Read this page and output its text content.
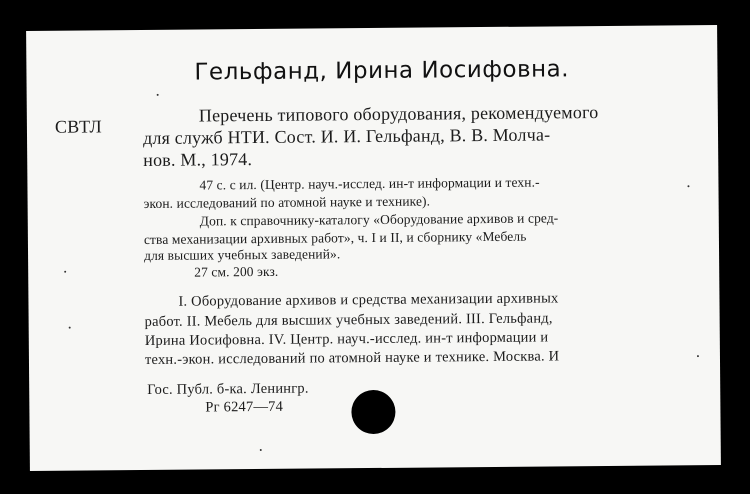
Гельфанд, Ирина Иосифовна.
СВТЛ
Перечень типового оборудования, рекомендуемого
для служб НТИ. Сост. И. И. Гельфанд, В. В. Молча-
нов. М., 1974.
47 с. с ил. (Центр. науч.-исслед. ин-т информации и техн.-
экон. исследований по атомной науке и технике).
Доп. к справочнику-каталогу «Оборудование архивов и сред-
ства механизации архивных работ», ч. I и II, и сборнику «Мебель
для высших учебных заведений».
27 см. 200 экз.
I. Оборудование архивов и средства механизации архивных
работ. II. Мебель для высших учебных заведений. III. Гельфанд,
Ирина Иосифовна. IV. Центр. науч.-исслед. ин-т информации и
техн.-экон. исследований по атомной науке и технике. Москва. И
Гос. Публ. б-ка. Ленингр.
Рг 6247—74
